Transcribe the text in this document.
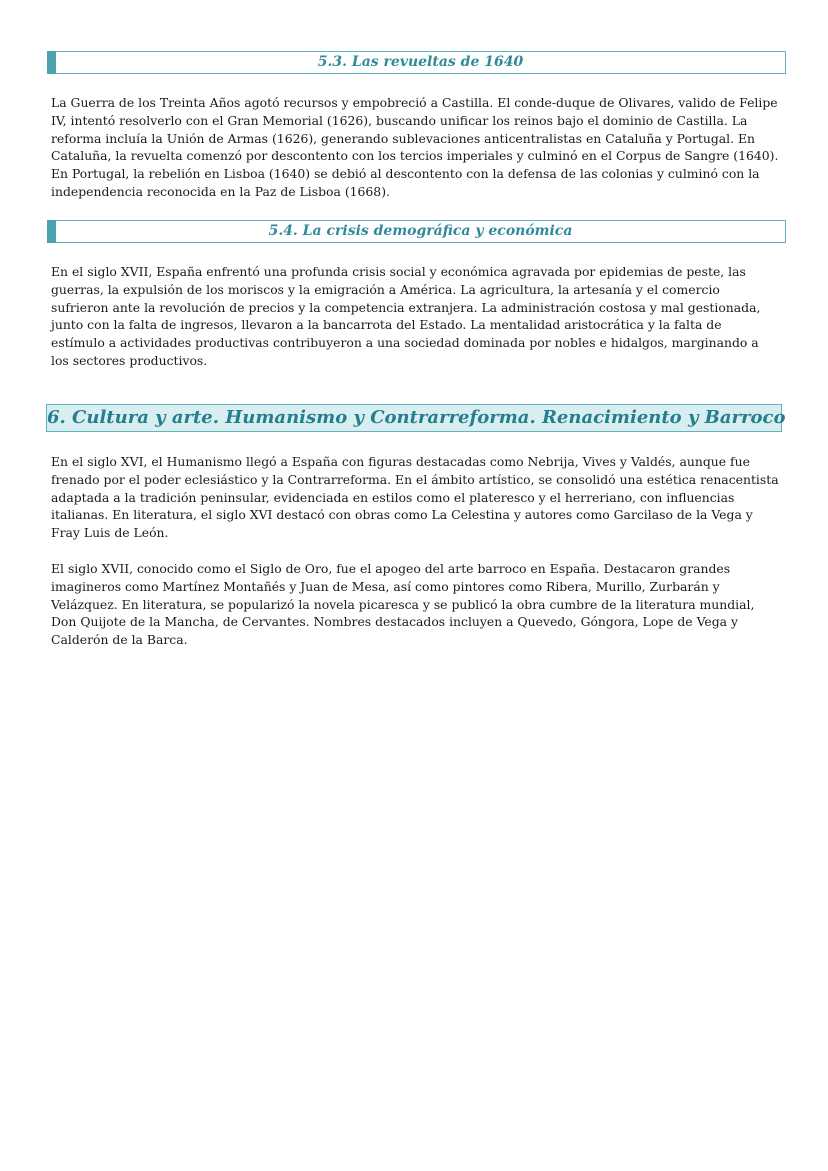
5.3. Las revueltas de 1640

La Guerra de los Treinta Años agotó recursos y empobreció a Castilla. El conde-duque de Olivares, valido de Felipe IV, intentó resolverlo con el Gran Memorial (1626), buscando unificar los reinos bajo el dominio de Castilla. La reforma incluía la Unión de Armas (1626), generando sublevaciones anticentralistas en Cataluña y Portugal. En Cataluña, la revuelta comenzó por descontento con los tercios imperiales y culminó en el Corpus de Sangre (1640). En Portugal, la rebelión en Lisboa (1640) se debió al descontento con la defensa de las colonias y culminó con la independencia reconocida en la Paz de Lisboa (1668).

5.4. La crisis demográfica y económica

En el siglo XVII, España enfrentó una profunda crisis social y económica agravada por epidemias de peste, las guerras, la expulsión de los moriscos y la emigración a América. La agricultura, la artesanía y el comercio sufrieron ante la revolución de precios y la competencia extranjera. La administración costosa y mal gestionada, junto con la falta de ingresos, llevaron a la bancarrota del Estado. La mentalidad aristocrática y la falta de estímulo a actividades productivas contribuyeron a una sociedad dominada por nobles e hidalgos, marginando a los sectores productivos.

6. Cultura y arte. Humanismo y Contrarreforma. Renacimiento y Barroco

En el siglo XVI, el Humanismo llegó a España con figuras destacadas como Nebrija, Vives y Valdés, aunque fue frenado por el poder eclesiástico y la Contrarreforma. En el ámbito artístico, se consolidó una estética renacentista adaptada a la tradición peninsular, evidenciada en estilos como el plateresco y el herreriano, con influencias italianas. En literatura, el siglo XVI destacó con obras como La Celestina y autores como Garcilaso de la Vega y Fray Luis de León.

El siglo XVII, conocido como el Siglo de Oro, fue el apogeo del arte barroco en España. Destacaron grandes imagineros como Martínez Montañés y Juan de Mesa, así como pintores como Ribera, Murillo, Zurbarán y Velázquez. En literatura, se popularizó la novela picaresca y se publicó la obra cumbre de la literatura mundial, Don Quijote de la Mancha, de Cervantes. Nombres destacados incluyen a Quevedo, Góngora, Lope de Vega y Calderón de la Barca.
